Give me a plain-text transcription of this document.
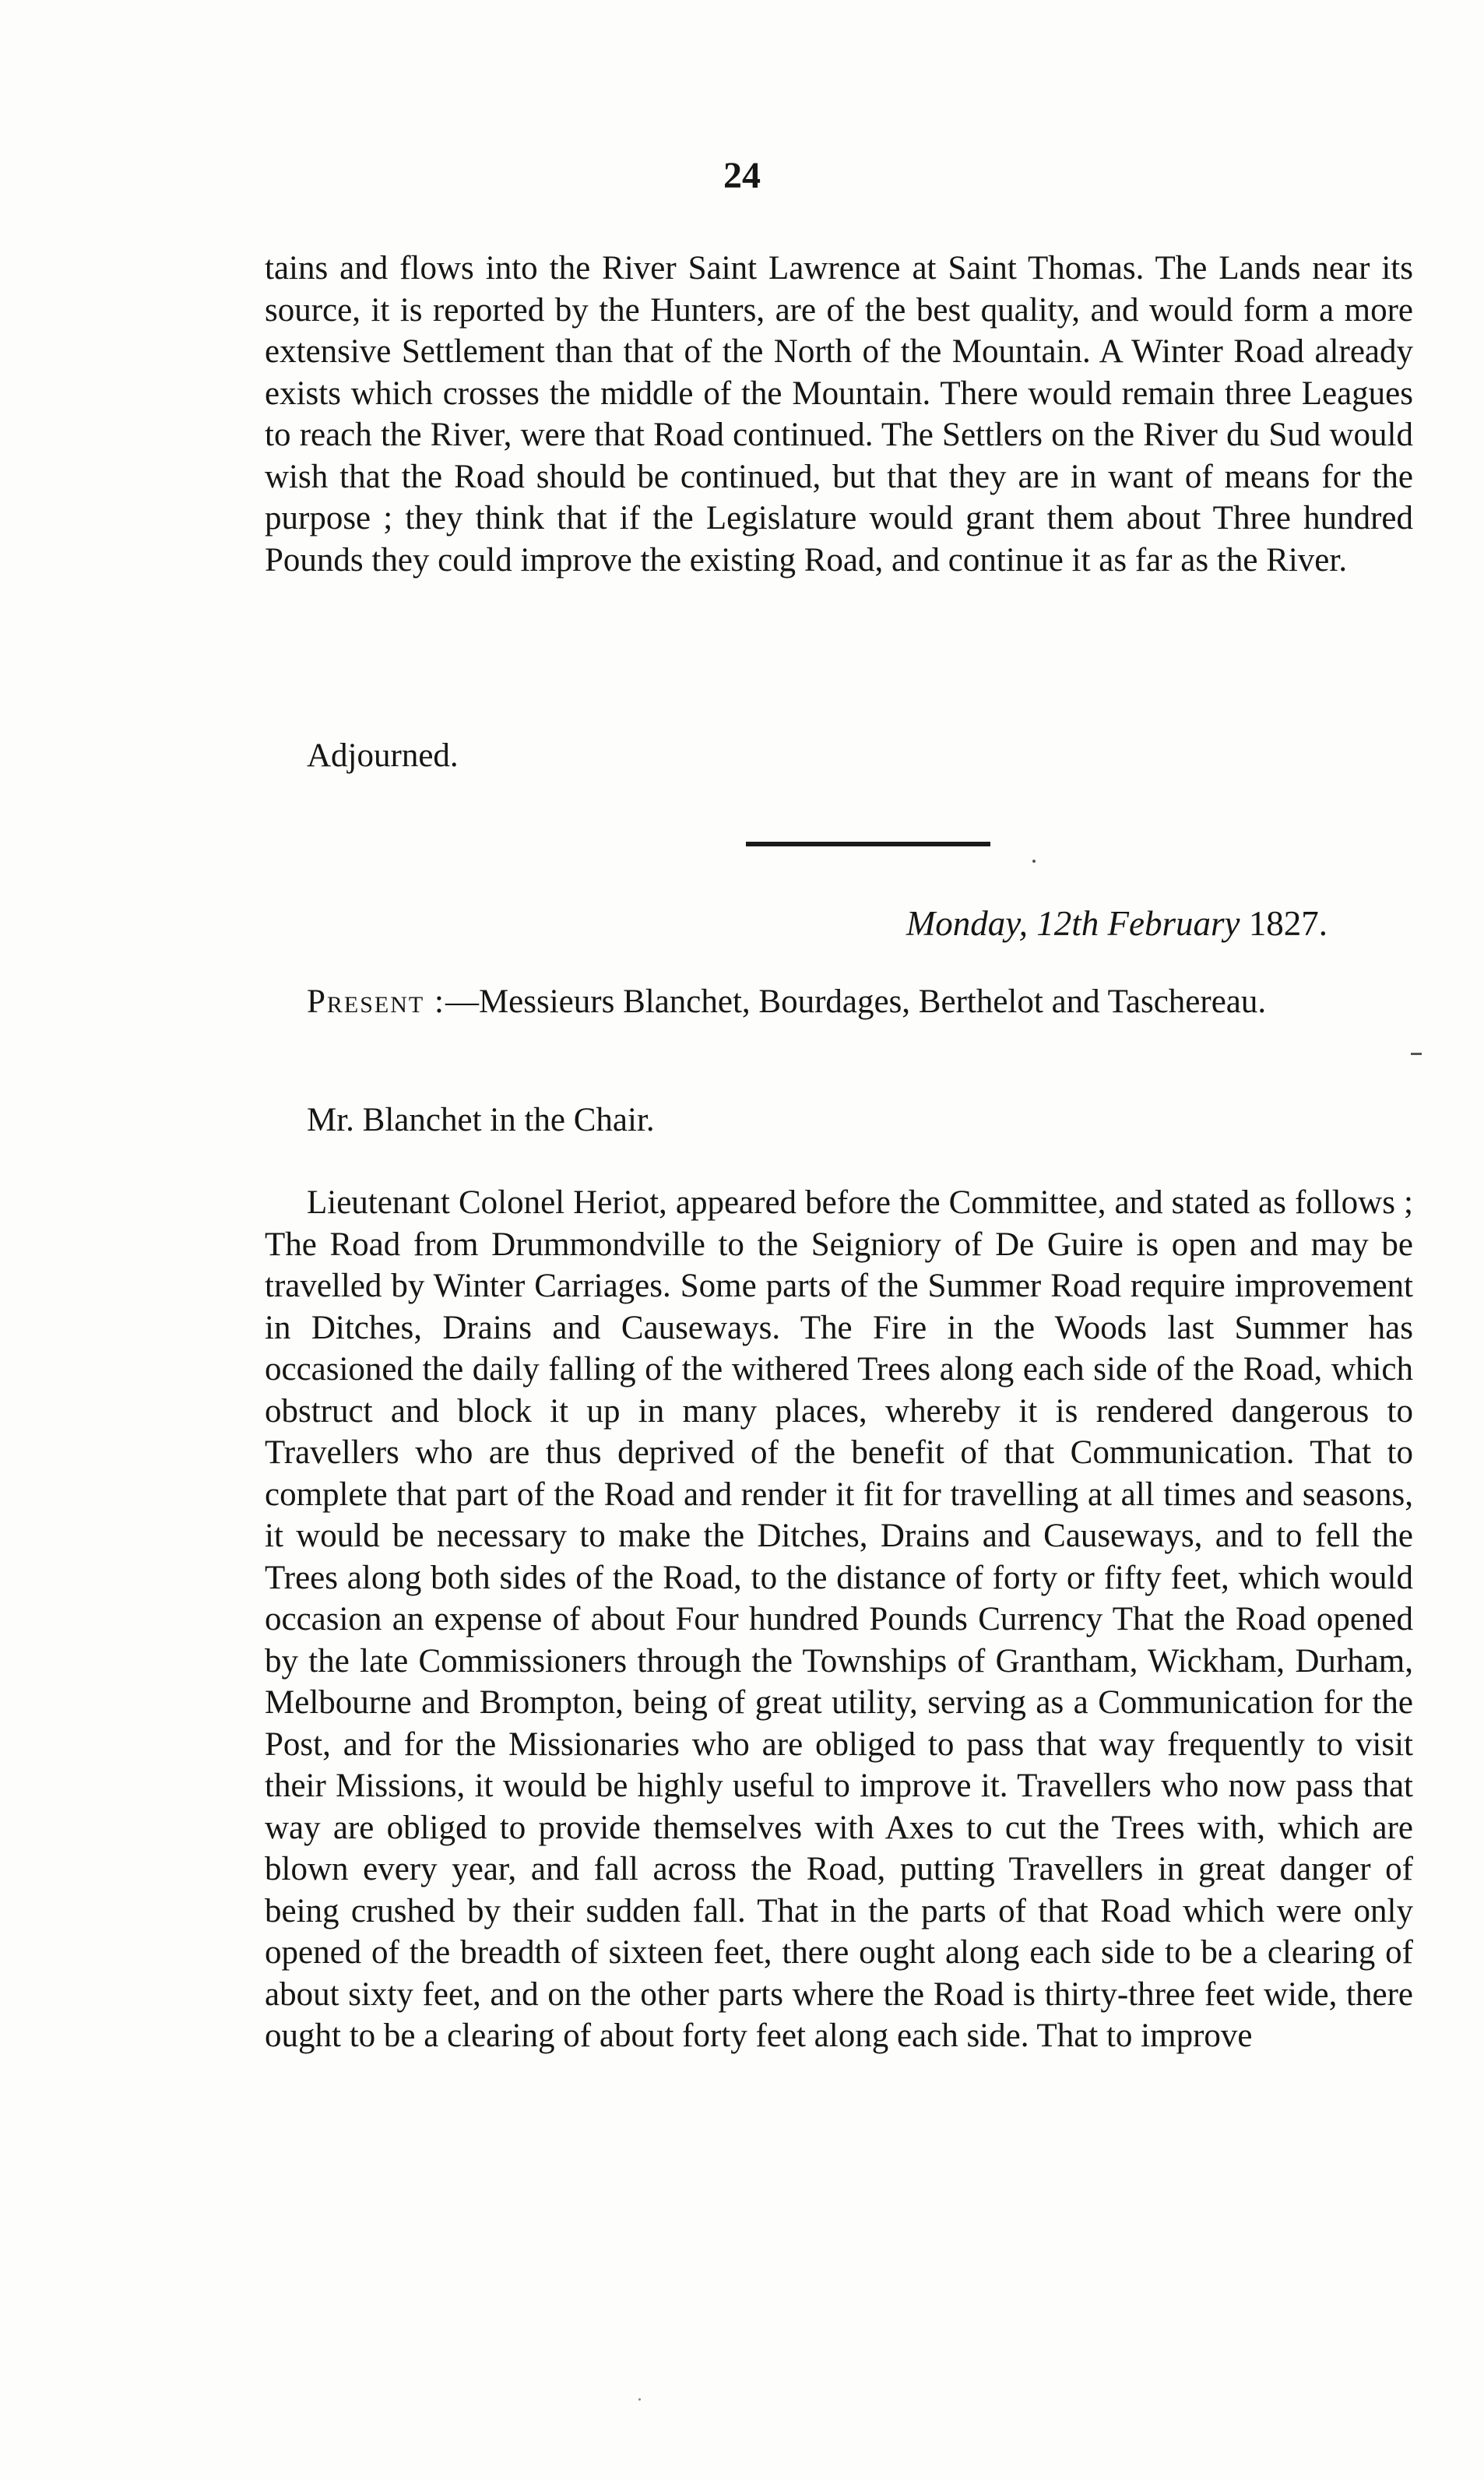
24

tains and flows into the River Saint Lawrence at Saint Thomas. The Lands near its source, it is reported by the Hunters, are of the best quality, and would form a more extensive Settlement than that of the North of the Mountain. A Winter Road already exists which crosses the middle of the Mountain. There would remain three Leagues to reach the River, were that Road continued. The Settlers on the River du Sud would wish that the Road should be continued, but that they are in want of means for the purpose ; they think that if the Legislature would grant them about Three hundred Pounds they could improve the existing Road, and continue it as far as the River.

Adjourned.

Monday, 12th February 1827.

Present :—Messieurs Blanchet, Bourdages, Berthelot and Taschereau.

Mr. Blanchet in the Chair.

Lieutenant Colonel Heriot, appeared before the Committee, and stated as follows ; The Road from Drummondville to the Seigniory of De Guire is open and may be travelled by Winter Carriages. Some parts of the Summer Road require improvement in Ditches, Drains and Causeways. The Fire in the Woods last Summer has occasioned the daily falling of the withered Trees along each side of the Road, which obstruct and block it up in many places, whereby it is rendered dangerous to Travellers who are thus deprived of the benefit of that Communication. That to complete that part of the Road and render it fit for travelling at all times and seasons, it would be necessary to make the Ditches, Drains and Causeways, and to fell the Trees along both sides of the Road, to the distance of forty or fifty feet, which would occasion an expense of about Four hundred Pounds Currency That the Road opened by the late Commissioners through the Townships of Grantham, Wickham, Durham, Melbourne and Brompton, being of great utility, serving as a Communication for the Post, and for the Missionaries who are obliged to pass that way frequently to visit their Missions, it would be highly useful to improve it. Travellers who now pass that way are obliged to provide themselves with Axes to cut the Trees with, which are blown every year, and fall across the Road, putting Travellers in great danger of being crushed by their sudden fall. That in the parts of that Road which were only opened of the breadth of sixteen feet, there ought along each side to be a clearing of about sixty feet, and on the other parts where the Road is thirty-three feet wide, there ought to be a clearing of about forty feet along each side. That to improve
